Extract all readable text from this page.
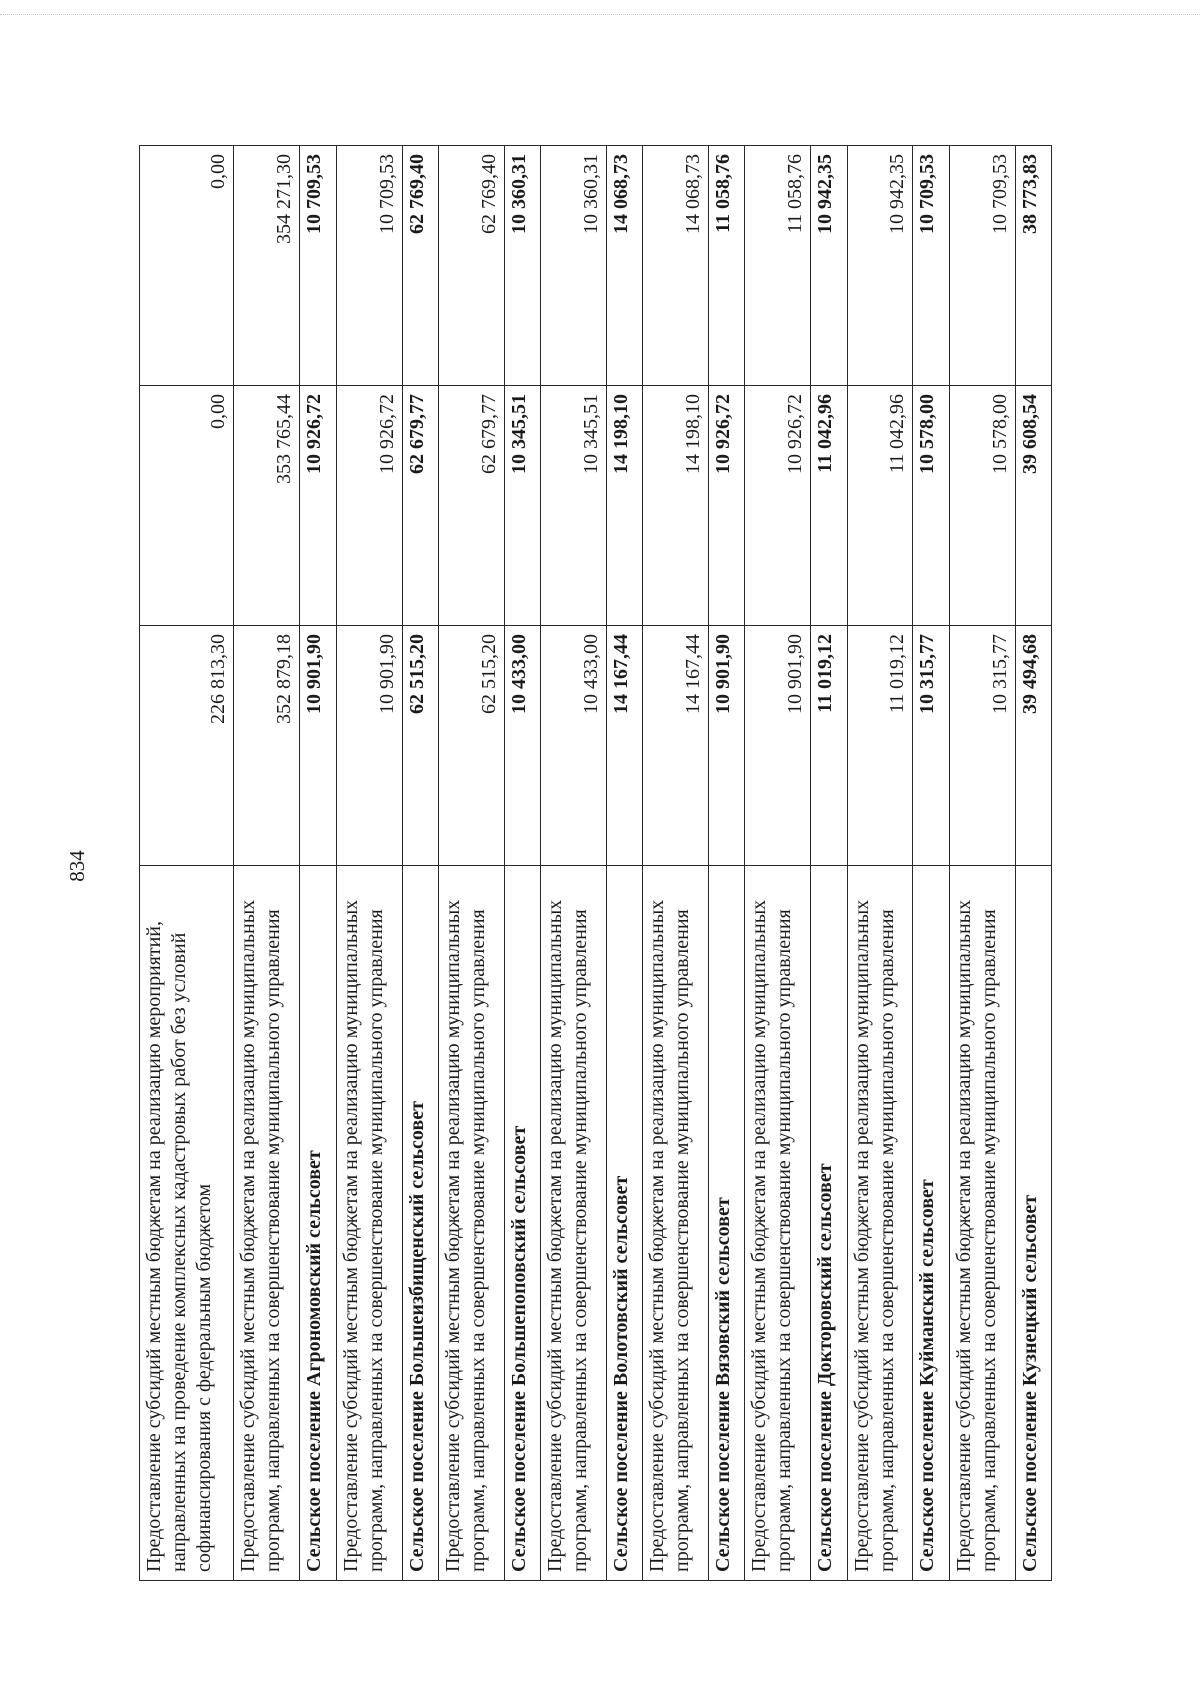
834
Предоставление субсидий местным бюджетам на реализацию мероприятий, направленных на проведение комплексных кадастровых работ без условий софинансирования с федеральным бюджетом	226 813,30	0,00	0,00
Предоставление субсидий местным бюджетам на реализацию муниципальных программ, направленных на совершенствование муниципального управления	352 879,18	353 765,44	354 271,30
Сельское поселение Агрономовский сельсовет	10 901,90	10 926,72	10 709,53
Предоставление субсидий местным бюджетам на реализацию муниципальных программ, направленных на совершенствование муниципального управления	10 901,90	10 926,72	10 709,53
Сельское поселение Большеизбищенский сельсовет	62 515,20	62 679,77	62 769,40
Предоставление субсидий местным бюджетам на реализацию муниципальных программ, направленных на совершенствование муниципального управления	62 515,20	62 679,77	62 769,40
Сельское поселение Большепоповский сельсовет	10 433,00	10 345,51	10 360,31
Предоставление субсидий местным бюджетам на реализацию муниципальных программ, направленных на совершенствование муниципального управления	10 433,00	10 345,51	10 360,31
Сельское поселение Волотовский сельсовет	14 167,44	14 198,10	14 068,73
Предоставление субсидий местным бюджетам на реализацию муниципальных программ, направленных на совершенствование муниципального управления	14 167,44	14 198,10	14 068,73
Сельское поселение Вязовский сельсовет	10 901,90	10 926,72	11 058,76
Предоставление субсидий местным бюджетам на реализацию муниципальных программ, направленных на совершенствование муниципального управления	10 901,90	10 926,72	11 058,76
Сельское поселение Доктоpовский сельсовет	11 019,12	11 042,96	10 942,35
Предоставление субсидий местным бюджетам на реализацию муниципальных программ, направленных на совершенствование муниципального управления	11 019,12	11 042,96	10 942,35
Сельское поселение Куймaнский сельсовет	10 315,77	10 578,00	10 709,53
Предоставление субсидий местным бюджетам на реализацию муниципальных программ, направленных на совершенствование муниципального управления	10 315,77	10 578,00	10 709,53
Сельское поселение Кузнецкий сельсовет	39 494,68	39 608,54	38 773,83
